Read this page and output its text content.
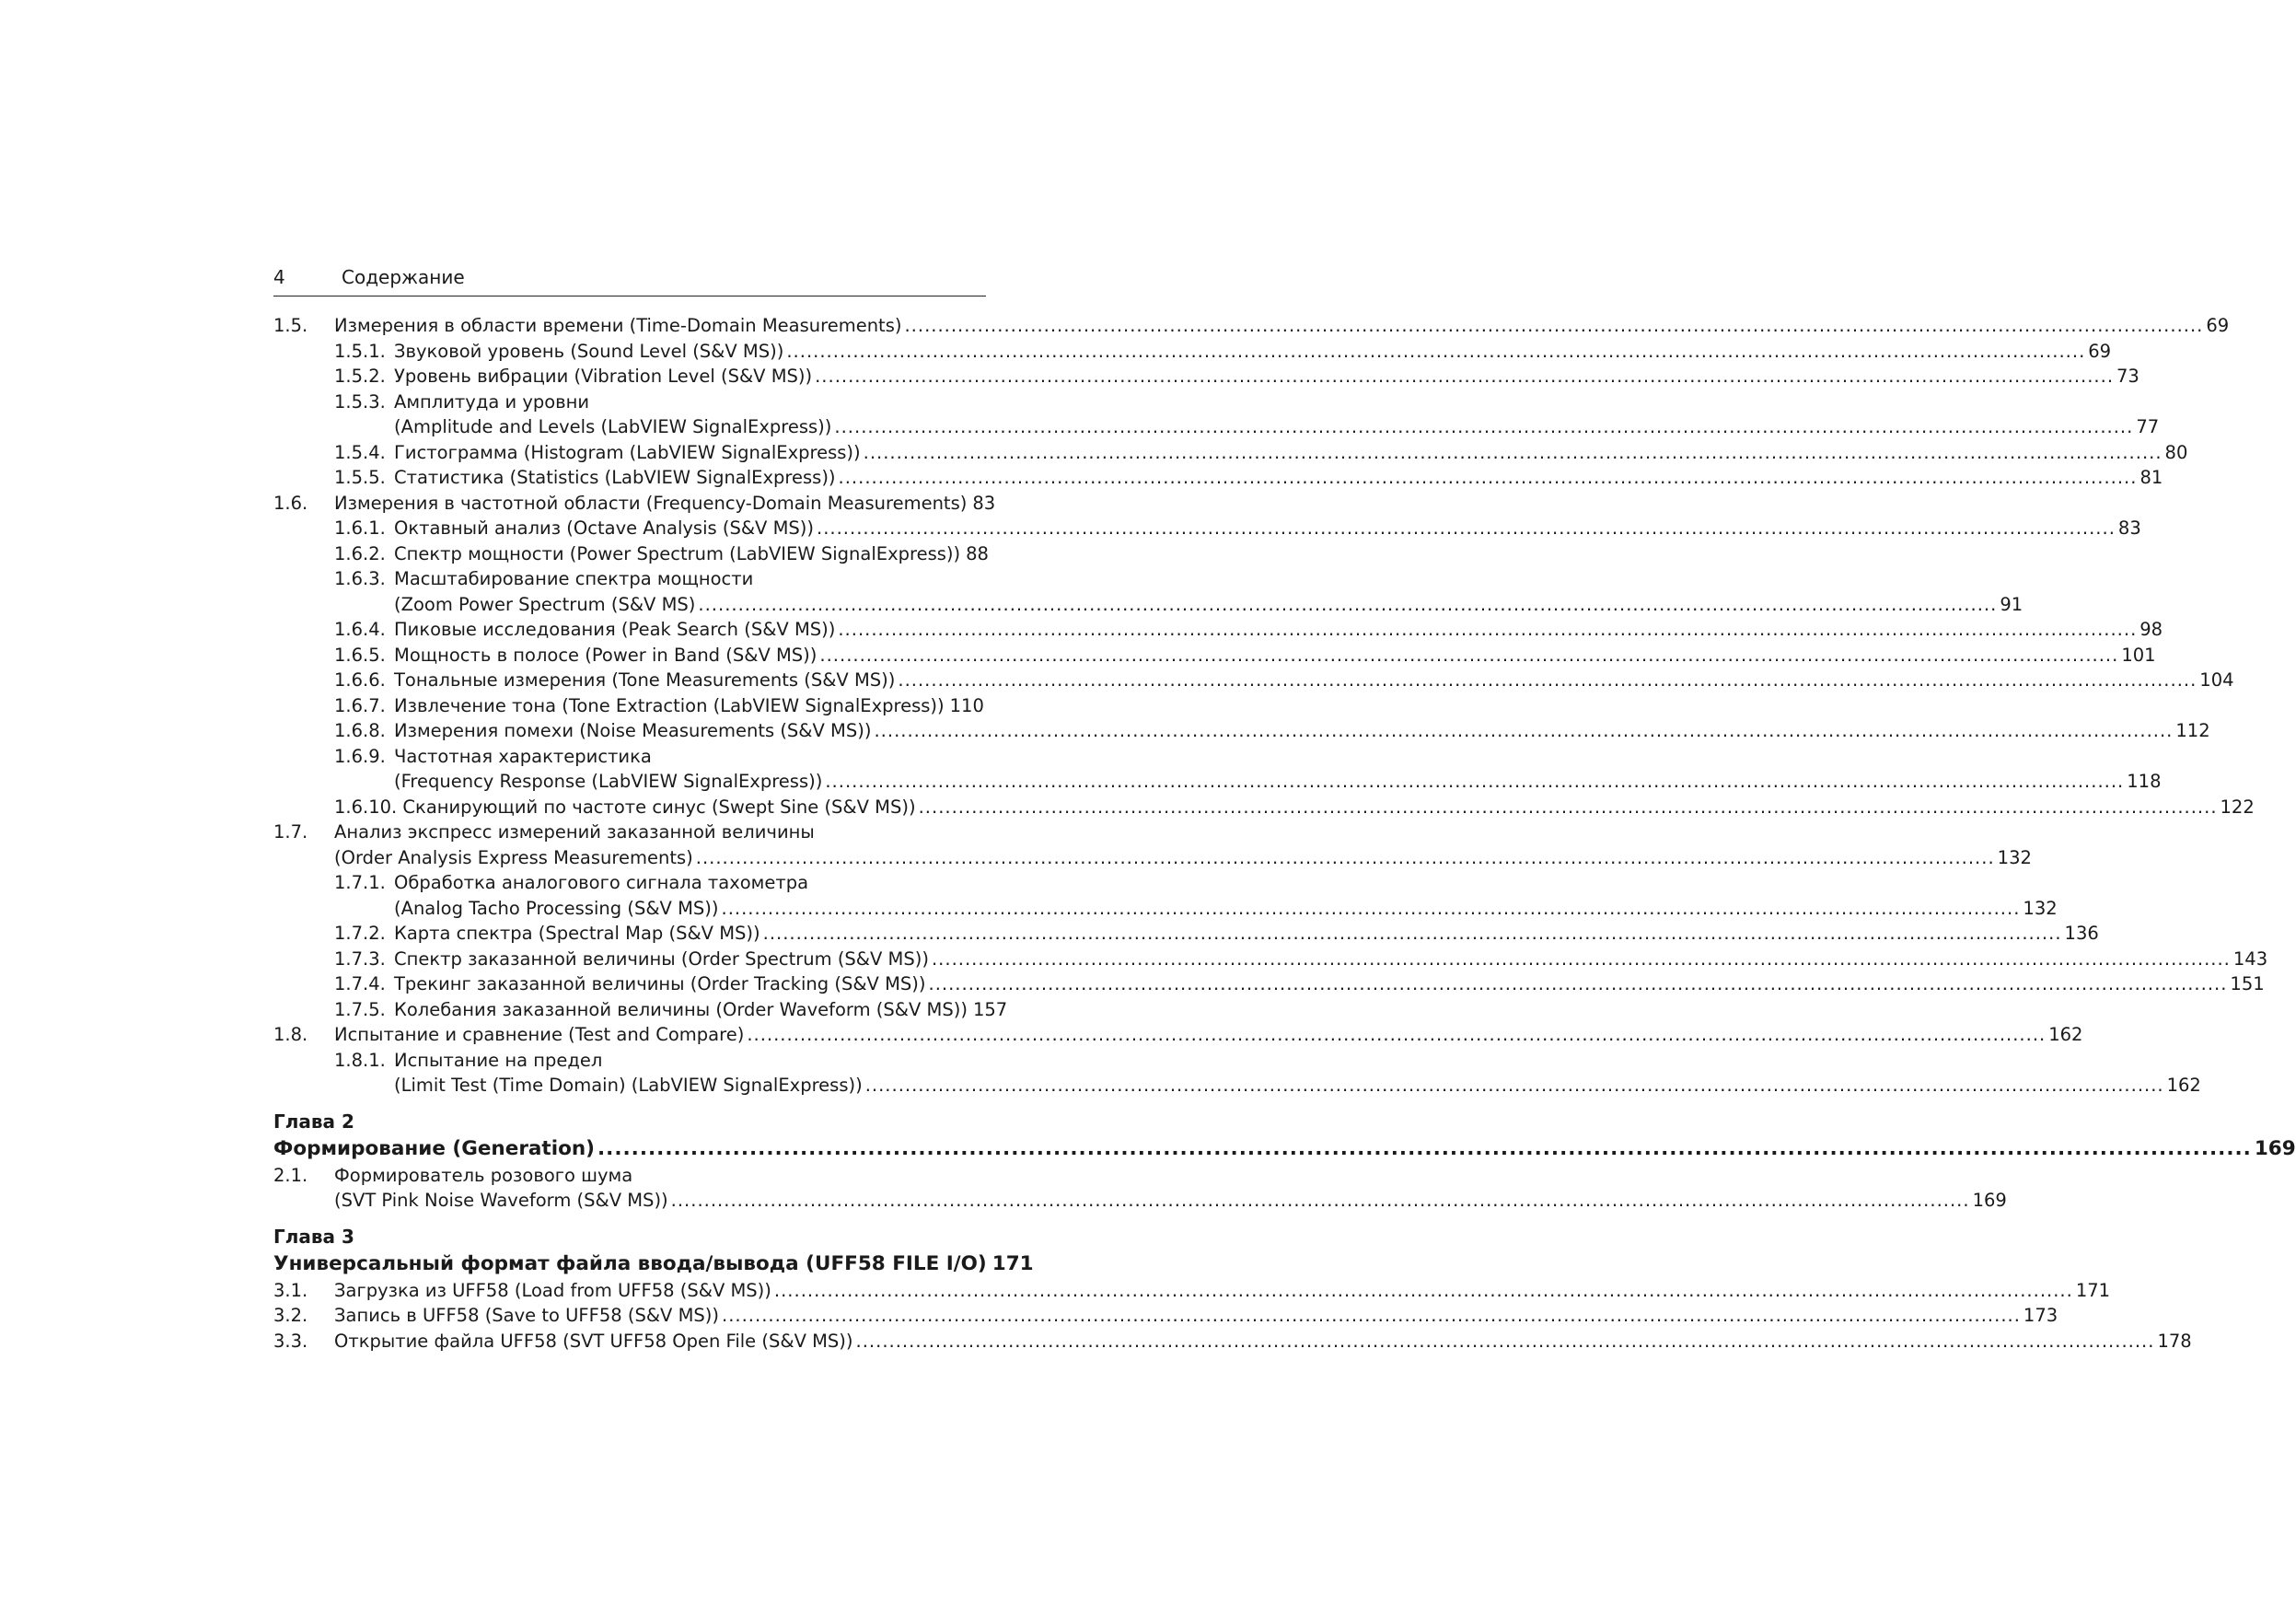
4	Содержание
1.5. Измерения в области времени (Time-Domain Measurements) .................................................................................................................................................................................................... 69
1.5.1. Звуковой уровень (Sound Level (S&V MS)) .................................................................................................................................................................................................... 69
1.5.2. Уровень вибрации (Vibration Level (S&V MS)) .................................................................................................................................................................................................... 73
1.5.3. Амплитуда и уровни
(Amplitude and Levels (LabVIEW SignalExpress)) .................................................................................................................................................................................................... 77
1.5.4. Гистограмма (Histogram (LabVIEW SignalExpress)) .................................................................................................................................................................................................... 80
1.5.5. Статистика (Statistics (LabVIEW SignalExpress)) .................................................................................................................................................................................................... 81
1.6. Измерения в частотной области (Frequency-Domain Measurements) 83
1.6.1. Октавный анализ (Octave Analysis (S&V MS)) .................................................................................................................................................................................................... 83
1.6.2. Спектр мощности (Power Spectrum (LabVIEW SignalExpress)) 88
1.6.3. Масштабирование спектра мощности
(Zoom Power Spectrum (S&V MS) .................................................................................................................................................................................................... 91
1.6.4. Пиковые исследования (Peak Search (S&V MS)) .................................................................................................................................................................................................... 98
1.6.5. Мощность в полосе (Power in Band (S&V MS)) .................................................................................................................................................................................................... 101
1.6.6. Тональные измерения (Tone Measurements (S&V MS)) .................................................................................................................................................................................................... 104
1.6.7. Извлечение тона (Tone Extraction (LabVIEW SignalExpress)) 110
1.6.8. Измерения помехи (Noise Measurements (S&V MS)) .................................................................................................................................................................................................... 112
1.6.9. Частотная характеристика
(Frequency Response (LabVIEW SignalExpress)) .................................................................................................................................................................................................... 118
1.6.10. Сканирующий по частоте синус (Swept Sine (S&V MS)) .................................................................................................................................................................................................... 122
1.7. Анализ экспресс измерений заказанной величины
(Order Analysis Express Measurements) .................................................................................................................................................................................................... 132
1.7.1. Обработка аналогового сигнала тахометра
(Analog Tacho Processing (S&V MS)) .................................................................................................................................................................................................... 132
1.7.2. Карта спектра (Spectral Map (S&V MS)) .................................................................................................................................................................................................... 136
1.7.3. Спектр заказанной величины (Order Spectrum (S&V MS)) .................................................................................................................................................................................................... 143
1.7.4. Трекинг заказанной величины (Order Tracking (S&V MS)) .................................................................................................................................................................................................... 151
1.7.5. Колебания заказанной величины (Order Waveform (S&V MS)) 157
1.8. Испытание и сравнение (Test and Compare) .................................................................................................................................................................................................... 162
1.8.1. Испытание на предел
(Limit Test (Time Domain) (LabVIEW SignalExpress)) .................................................................................................................................................................................................... 162
Глава 2
Формирование (Generation) .................................................................................................................................................................................................... 169
2.1. Формирователь розового шума
(SVT Pink Noise Waveform (S&V MS)) .................................................................................................................................................................................................... 169
Глава 3
Универсальный формат файла ввода/вывода (UFF58 FILE I/O) 171
3.1. Загрузка из UFF58 (Load from UFF58 (S&V MS)) .................................................................................................................................................................................................... 171
3.2. Запись в UFF58 (Save to UFF58 (S&V MS)) .................................................................................................................................................................................................... 173
3.3. Открытие файла UFF58 (SVT UFF58 Open File (S&V MS)) .................................................................................................................................................................................................... 178
